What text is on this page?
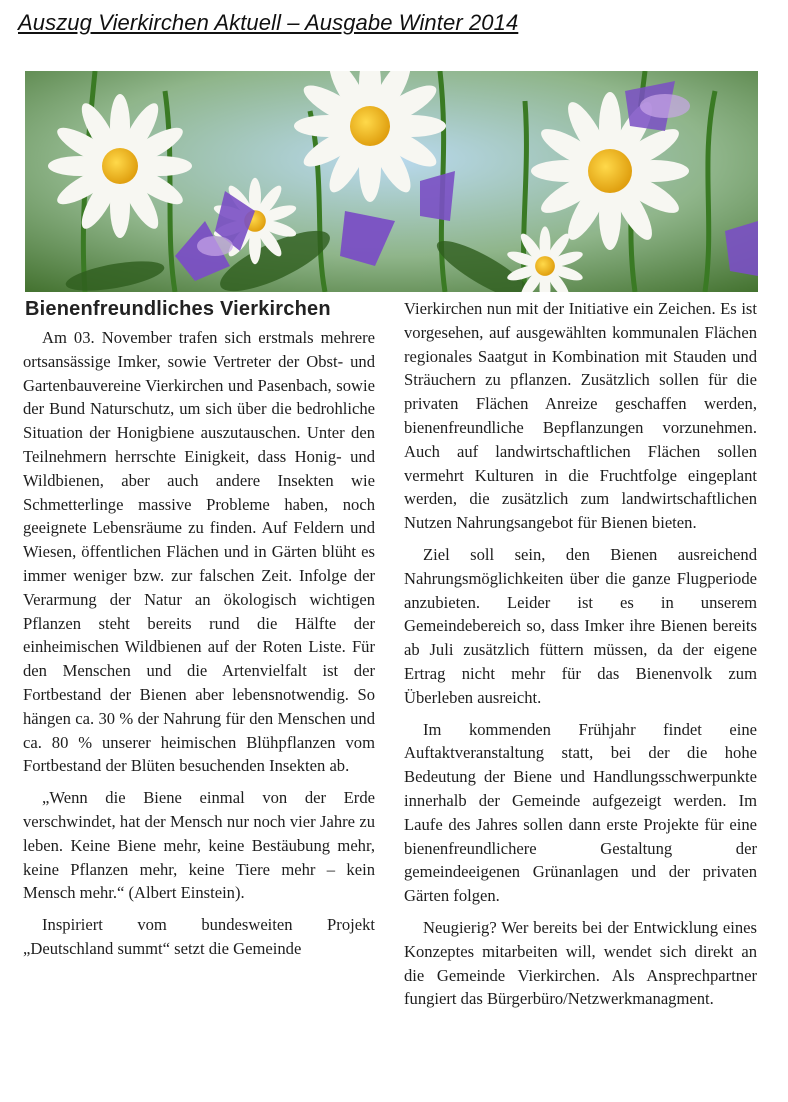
Auszug Vierkirchen Aktuell – Ausgabe Winter 2014
Bienenfreundliches Vierkirchen

Am 03. November trafen sich erstmals mehrere ortsansässige Imker, sowie Vertreter der Obst- und Gartenbauvereine Vierkirchen und Pasenbach, sowie der Bund Naturschutz, um sich über die bedrohliche Situation der Honigbiene auszutauschen. Unter den Teilnehmern herrschte Einigkeit, dass Honig- und Wildbienen, aber auch andere Insekten wie Schmetterlinge massive Probleme haben, noch geeignete Lebensräume zu finden. Auf Feldern und Wiesen, öffentlichen Flächen und in Gärten blüht es immer weniger bzw. zur falschen Zeit. Infolge der Verarmung der Natur an ökologisch wichtigen Pflanzen steht bereits rund die Hälfte der einheimischen Wildbienen auf der Roten Liste. Für den Menschen und die Artenvielfalt ist der Fortbestand der Bienen aber lebensnotwendig. So hängen ca. 30 % der Nahrung für den Menschen und ca. 80 % unserer heimischen Blühpflanzen vom Fortbestand der Blüten besuchenden Insekten ab.

„Wenn die Biene einmal von der Erde verschwindet, hat der Mensch nur noch vier Jahre zu leben. Keine Biene mehr, keine Bestäubung mehr, keine Pflanzen mehr, keine Tiere mehr – kein Mensch mehr.“ (Albert Einstein).

Inspiriert vom bundesweiten Projekt „Deutschland summt“ setzt die Gemeinde

Vierkirchen nun mit der Initiative ein Zeichen. Es ist vorgesehen, auf ausgewählten kommunalen Flächen regionales Saatgut in Kombination mit Stauden und Sträuchern zu pflanzen. Zusätzlich sollen für die privaten Flächen Anreize geschaffen werden, bienenfreundliche Bepflanzungen vorzunehmen. Auch auf landwirtschaftlichen Flächen sollen vermehrt Kulturen in die Fruchtfolge eingeplant werden, die zusätzlich zum landwirtschaftlichen Nutzen Nahrungsangebot für Bienen bieten.

Ziel soll sein, den Bienen ausreichend Nahrungsmöglichkeiten über die ganze Flugperiode anzubieten. Leider ist es in unserem Gemeindebereich so, dass Imker ihre Bienen bereits ab Juli zusätzlich füttern müssen, da der eigene Ertrag nicht mehr für das Bienenvolk zum Überleben ausreicht.

Im kommenden Frühjahr findet eine Auftaktveranstaltung statt, bei der die hohe Bedeutung der Biene und Handlungsschwerpunkte innerhalb der Gemeinde aufgezeigt werden. Im Laufe des Jahres sollen dann erste Projekte für eine bienenfreundlichere Gestaltung der gemeindeeigenen Grünanlagen und der privaten Gärten folgen.

Neugierig? Wer bereits bei der Entwicklung eines Konzeptes mitarbeiten will, wendet sich direkt an die Gemeinde Vierkirchen. Als Ansprechpartner fungiert das Bürgerbüro/Netzwerkmanagment.
